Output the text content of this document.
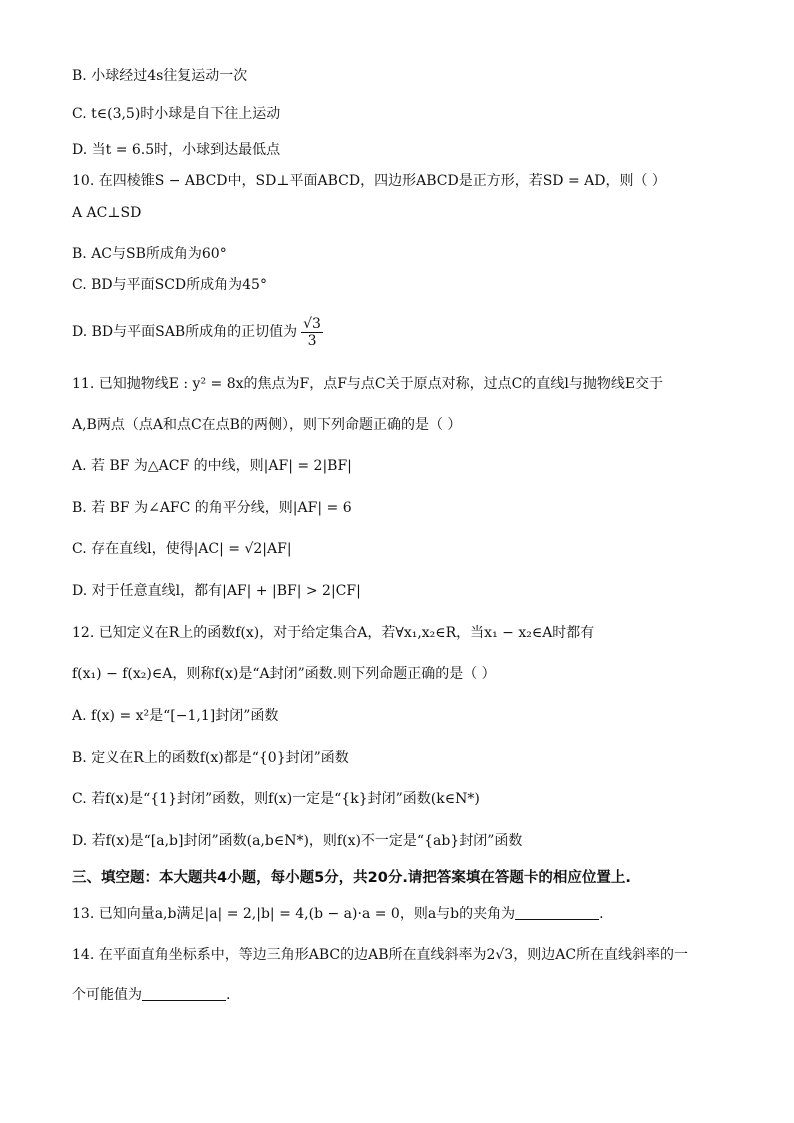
B. 小球经过4s往复运动一次
C. t∈(3,5)时小球是自下往上运动
D. 当t = 6.5时，小球到达最低点
10. 在四棱锥S − ABCD中，SD⊥平面ABCD，四边形ABCD是正方形，若SD = AD，则（ ）
A AC⊥SD
B. AC与SB所成角为60°
C. BD与平面SCD所成角为45°
D. BD与平面SAB所成角的正切值为 $\frac{√3}{3}$
11. 已知抛物线E : y² = 8x的焦点为F，点F与点C关于原点对称，过点C的直线l与抛物线E交于
A,B两点（点A和点C在点B的两侧），则下列命题正确的是（ ）
A. 若 BF 为△ACF 的中线，则|AF| = 2|BF|
B. 若 BF 为∠AFC 的角平分线，则|AF| = 6
C. 存在直线l，使得|AC| = √2|AF|
D. 对于任意直线l，都有|AF| + |BF| > 2|CF|
12. 已知定义在R上的函数f(x)，对于给定集合A，若∀x₁,x₂∈R，当x₁ − x₂∈A时都有
f(x₁) − f(x₂)∈A，则称f(x)是“A封闭”函数.则下列命题正确的是（ ）
A. f(x) = x²是“[−1,1]封闭”函数
B. 定义在R上的函数f(x)都是“{0}封闭”函数
C. 若f(x)是“{1}封闭”函数，则f(x)一定是“{k}封闭”函数(k∈N*)
D. 若f(x)是“[a,b]封闭”函数(a,b∈N*)，则f(x)不一定是“{ab}封闭”函数
三、填空题：本大题共4小题，每小题5分，共20分.请把答案填在答题卡的相应位置上.
13. 已知向量a,b满足|a| = 2,|b| = 4,(b − a)·a = 0，则a与b的夹角为	.
14. 在平面直角坐标系中，等边三角形ABC的边AB所在直线斜率为2√3，则边AC所在直线斜率的一
个可能值为	.
